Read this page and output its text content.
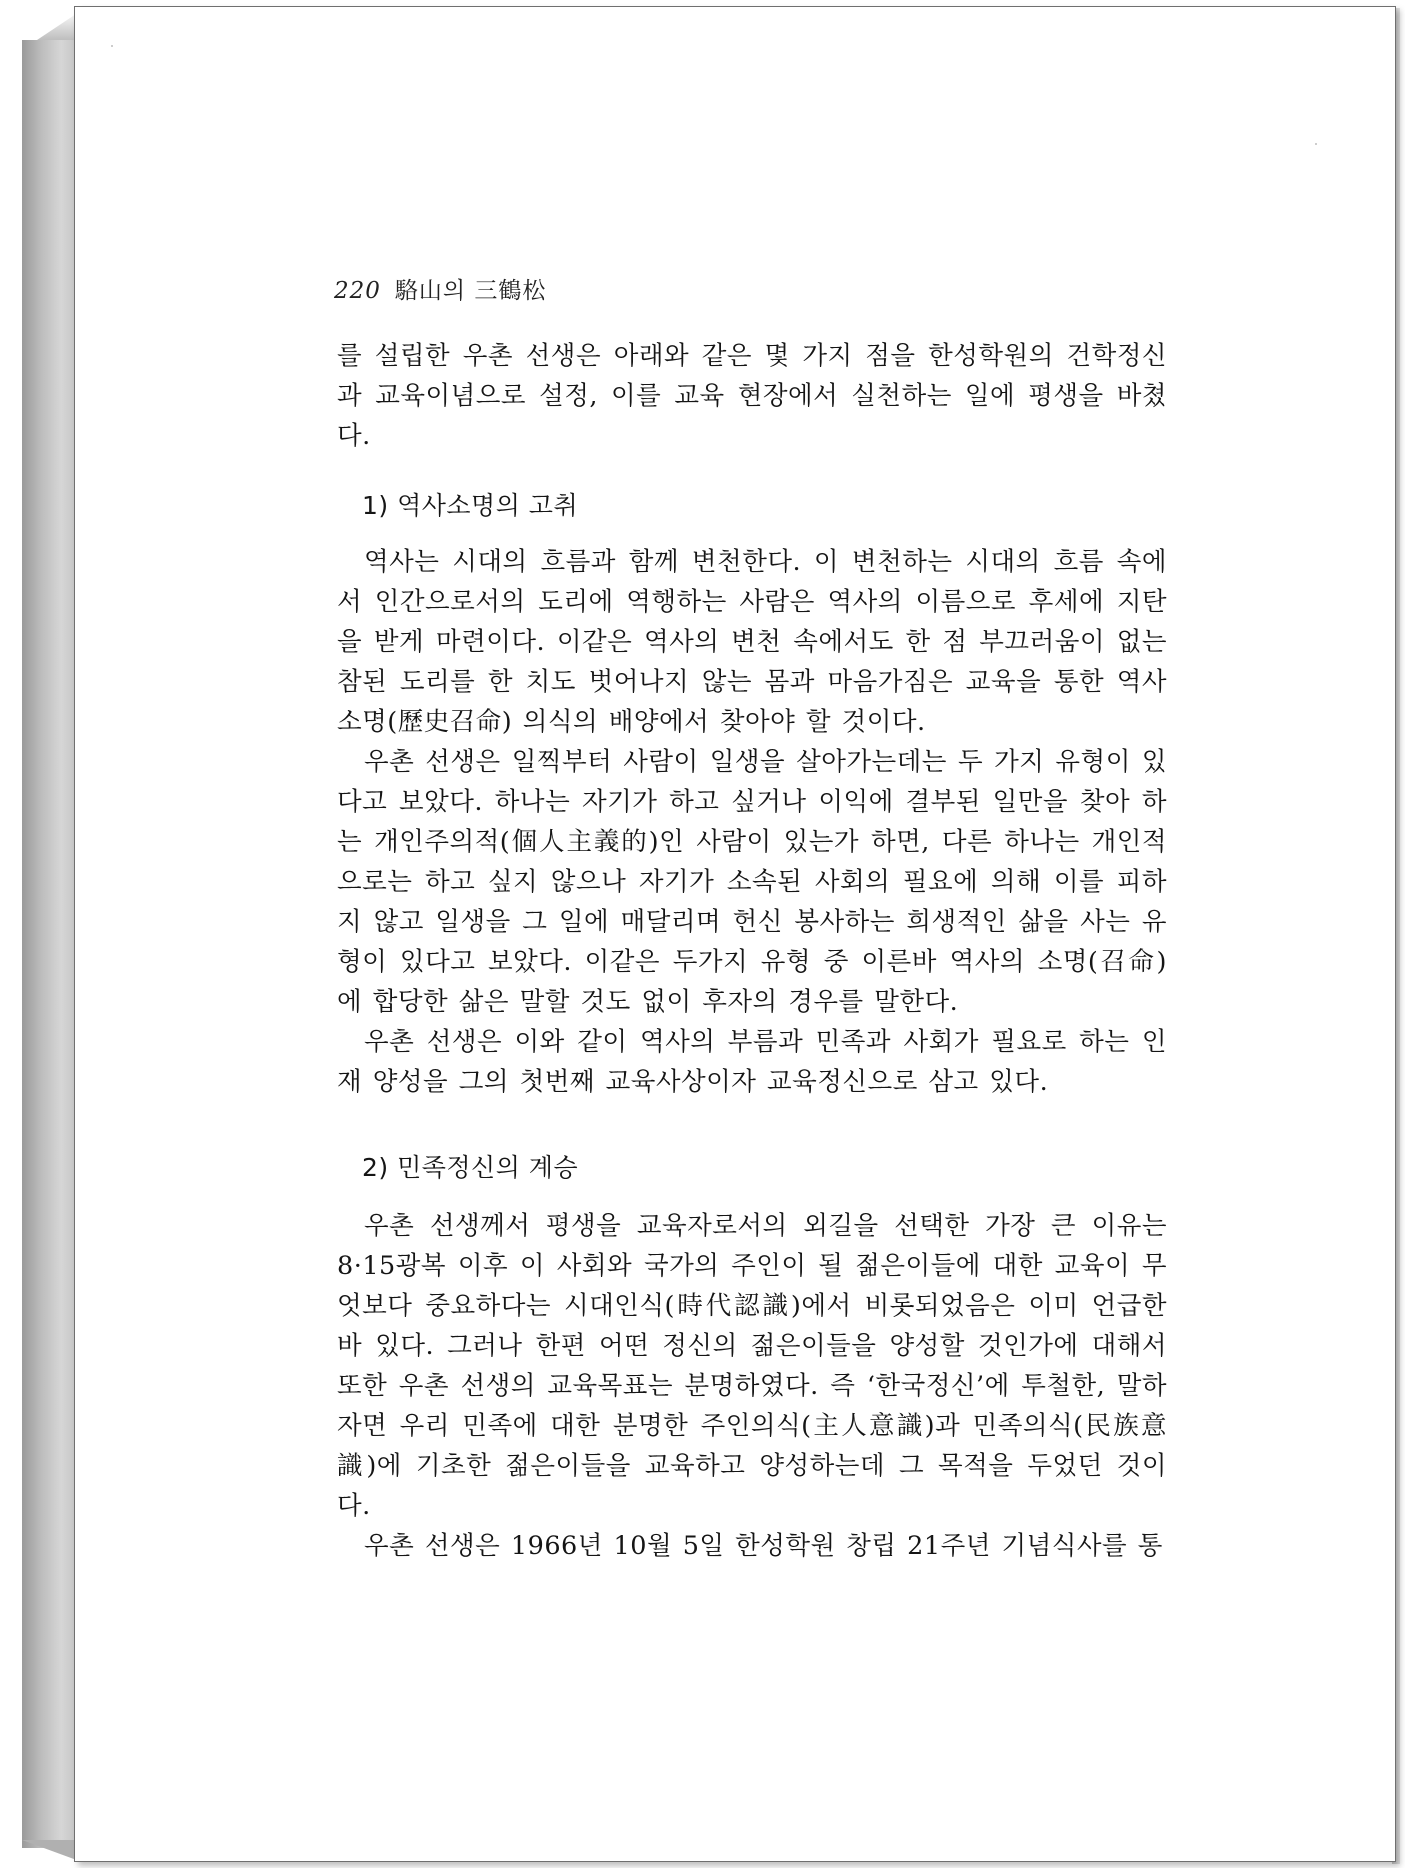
220 駱山의 三鶴松

를 설립한 우촌 선생은 아래와 같은 몇 가지 점을 한성학원의 건학정신과 교육이념으로 설정, 이를 교육 현장에서 실천하는 일에 평생을 바쳤다.

1) 역사소명의 고취

역사는 시대의 흐름과 함께 변천한다. 이 변천하는 시대의 흐름 속에서 인간으로서의 도리에 역행하는 사람은 역사의 이름으로 후세에 지탄을 받게 마련이다. 이같은 역사의 변천 속에서도 한 점 부끄러움이 없는 참된 도리를 한 치도 벗어나지 않는 몸과 마음가짐은 교육을 통한 역사소명(歷史召命) 의식의 배양에서 찾아야 할 것이다.

우촌 선생은 일찍부터 사람이 일생을 살아가는데는 두 가지 유형이 있다고 보았다. 하나는 자기가 하고 싶거나 이익에 결부된 일만을 찾아 하는 개인주의적(個人主義的)인 사람이 있는가 하면, 다른 하나는 개인적으로는 하고 싶지 않으나 자기가 소속된 사회의 필요에 의해 이를 피하지 않고 일생을 그 일에 매달리며 헌신 봉사하는 희생적인 삶을 사는 유형이 있다고 보았다. 이같은 두가지 유형 중 이른바 역사의 소명(召命)에 합당한 삶은 말할 것도 없이 후자의 경우를 말한다.

우촌 선생은 이와 같이 역사의 부름과 민족과 사회가 필요로 하는 인재 양성을 그의 첫번째 교육사상이자 교육정신으로 삼고 있다.

2) 민족정신의 계승

우촌 선생께서 평생을 교육자로서의 외길을 선택한 가장 큰 이유는 8·15광복 이후 이 사회와 국가의 주인이 될 젊은이들에 대한 교육이 무엇보다 중요하다는 시대인식(時代認識)에서 비롯되었음은 이미 언급한 바 있다. 그러나 한편 어떤 정신의 젊은이들을 양성할 것인가에 대해서 또한 우촌 선생의 교육목표는 분명하였다. 즉 ‘한국정신’에 투철한, 말하자면 우리 민족에 대한 분명한 주인의식(主人意識)과 민족의식(民族意識)에 기초한 젊은이들을 교육하고 양성하는데 그 목적을 두었던 것이다.

우촌 선생은 1966년 10월 5일 한성학원 창립 21주년 기념식사를 통
